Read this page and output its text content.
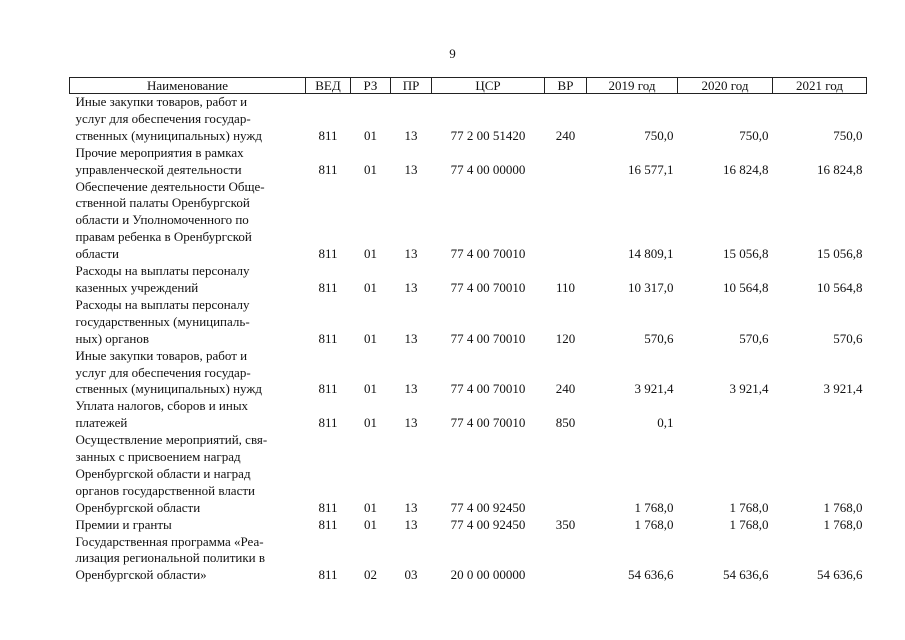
9
Наименование	ВЕД	РЗ	ПР	ЦСР	ВР	2019 год	2020 год	2021 год

Иные закупки товаров, работ и
услуг для обеспечения государ-
ственных (муниципальных) нужд	811	01	13	77 2 00 51420	240	750,0	750,0	750,0

Прочие мероприятия в рамках
управленческой деятельности	811	01	13	77 4 00 00000		16 577,1	16 824,8	16 824,8

Обеспечение деятельности Обще-
ственной палаты Оренбургской
области и Уполномоченного по
правам ребенка в Оренбургской
области	811	01	13	77 4 00 70010		14 809,1	15 056,8	15 056,8

Расходы на выплаты персоналу
казенных учреждений	811	01	13	77 4 00 70010	110	10 317,0	10 564,8	10 564,8

Расходы на выплаты персоналу
государственных (муниципаль-
ных) органов	811	01	13	77 4 00 70010	120	570,6	570,6	570,6

Иные закупки товаров, работ и
услуг для обеспечения государ-
ственных (муниципальных) нужд	811	01	13	77 4 00 70010	240	3 921,4	3 921,4	3 921,4

Уплата налогов, сборов и иных
платежей	811	01	13	77 4 00 70010	850	0,1		

Осуществление мероприятий, свя-
занных с присвоением наград
Оренбургской области и наград
органов государственной власти
Оренбургской области	811	01	13	77 4 00 92450		1 768,0	1 768,0	1 768,0

Премии и гранты	811	01	13	77 4 00 92450	350	1 768,0	1 768,0	1 768,0

Государственная программа «Реа-
лизация региональной политики в
Оренбургской области»	811	02	03	20 0 00 00000		54 636,6	54 636,6	54 636,6
